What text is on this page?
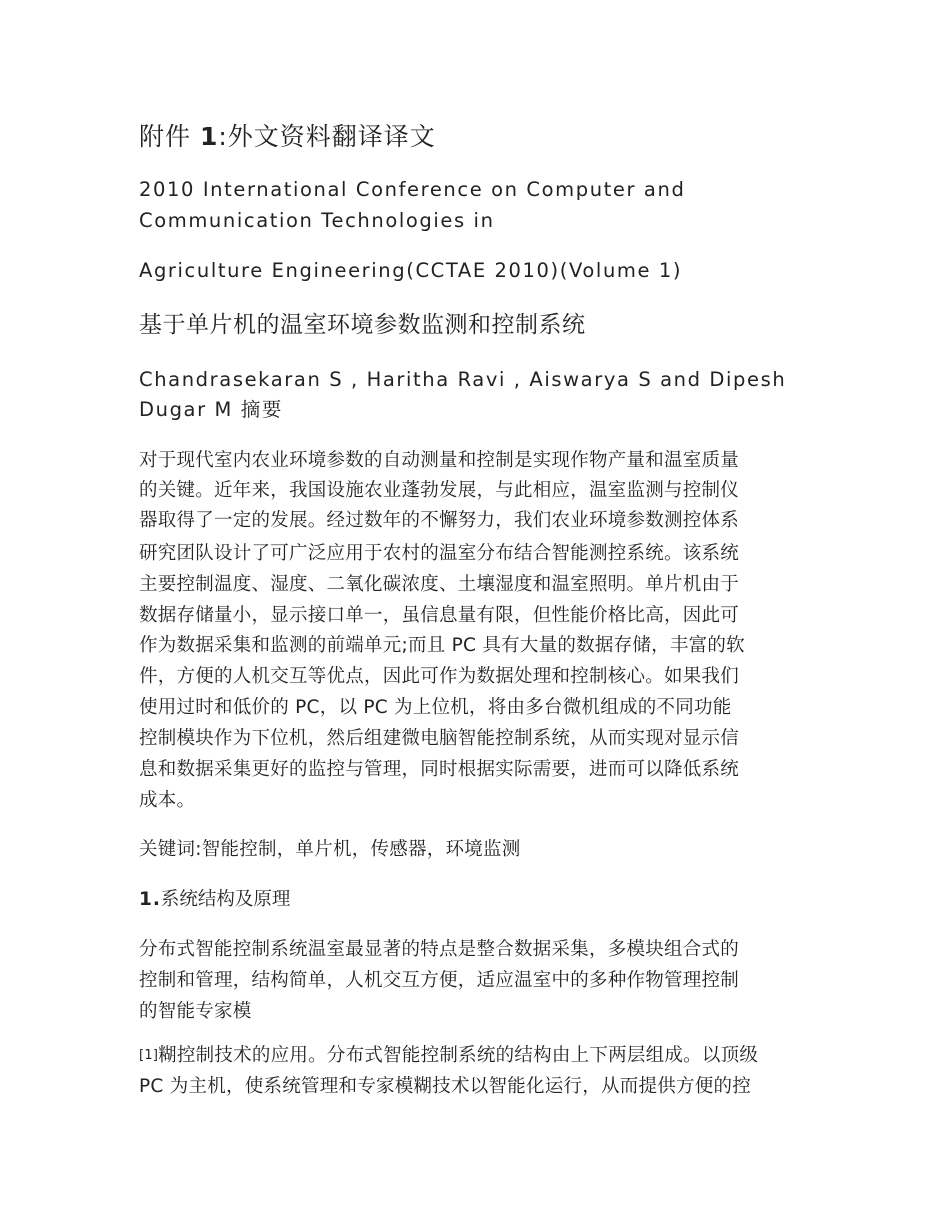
附件 1:外文资料翻译译文
2010 International Conference on Computer and
Communication Technologies in
Agriculture Engineering(CCTAE 2010)(Volume 1)
基于单片机的温室环境参数监测和控制系统
Chandrasekaran S , Haritha Ravi , Aiswarya S and Dipesh
Dugar M 摘要
对于现代室内农业环境参数的自动测量和控制是实现作物产量和温室质量
的关键。近年来，我国设施农业蓬勃发展，与此相应，温室监测与控制仪
器取得了一定的发展。经过数年的不懈努力，我们农业环境参数测控体系
研究团队设计了可广泛应用于农村的温室分布结合智能测控系统。该系统
主要控制温度、湿度、二氧化碳浓度、土壤湿度和温室照明。单片机由于
数据存储量小，显示接口单一，虽信息量有限，但性能价格比高，因此可
作为数据采集和监测的前端单元;而且 PC 具有大量的数据存储，丰富的软
件，方便的人机交互等优点，因此可作为数据处理和控制核心。如果我们
使用过时和低价的 PC，以 PC 为上位机，将由多台微机组成的不同功能
控制模块作为下位机，然后组建微电脑智能控制系统，从而实现对显示信
息和数据采集更好的监控与管理，同时根据实际需要，进而可以降低系统
成本。
关键词:智能控制，单片机，传感器，环境监测
1.系统结构及原理
分布式智能控制系统温室最显著的特点是整合数据采集，多模块组合式的
控制和管理，结构简单，人机交互方便，适应温室中的多种作物管理控制
的智能专家模
[1]糊控制技术的应用。分布式智能控制系统的结构由上下两层组成。以顶级
PC 为主机，使系统管理和专家模糊技术以智能化运行，从而提供方便的控
